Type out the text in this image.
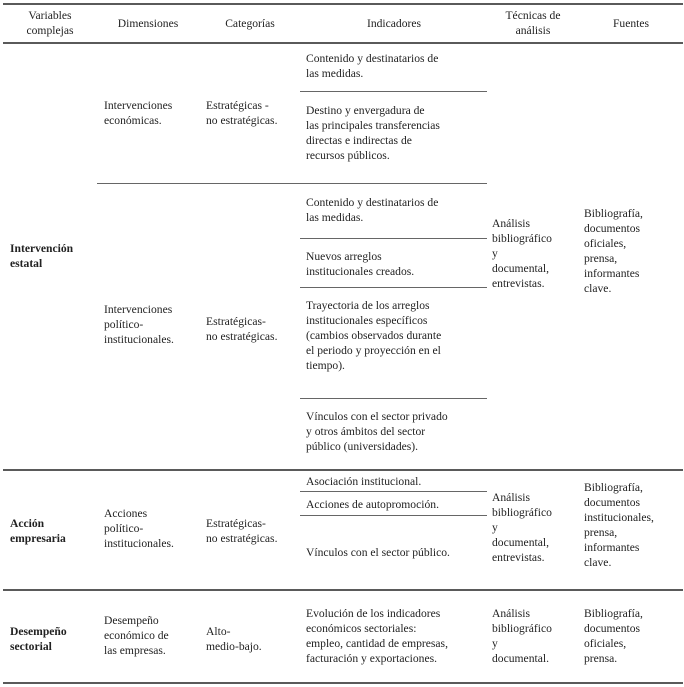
Variables
complejas
Dimensiones	Categorías	Indicadores
Técnicas de
análisis
Fuentes
Intervención
estatal
Intervenciones
económicas.
Estratégicas -
no estratégicas.
Contenido y destinatarios de
las medidas.
Destino y envergadura de
las principales transferencias
directas e indirectas de
recursos públicos.
Intervenciones
político-
institucionales.
Estratégicas-
no estratégicas.
Contenido y destinatarios de
las medidas.
Nuevos arreglos
institucionales creados.
Trayectoria de los arreglos
institucionales específicos
(cambios observados durante
el periodo y proyección en el
tiempo).
Vínculos con el sector privado
y otros ámbitos del sector
público (universidades).
Análisis
bibliográfico
y
documental,
entrevistas.
Bibliografía,
documentos
oficiales,
prensa,
informantes
clave.
Acción
empresaria
Acciones
político-
institucionales.
Estratégicas-
no estratégicas.
Asociación institucional.
Acciones de autopromoción.
Vínculos con el sector público.
Análisis
bibliográfico
y
documental,
entrevistas.
Bibliografía,
documentos
institucionales,
prensa,
informantes
clave.
Desempeño
sectorial
Desempeño
económico de
las empresas.
Alto-
medio-bajo.
Evolución de los indicadores
económicos sectoriales:
empleo, cantidad de empresas,
facturación y exportaciones.
Análisis
bibliográfico
y
documental.
Bibliografía,
documentos
oficiales,
prensa.
